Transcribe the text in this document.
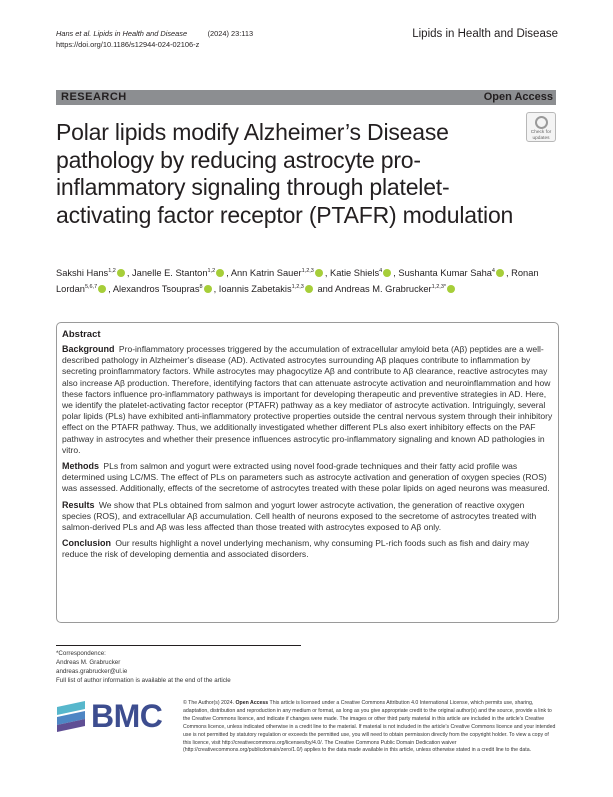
Hans et al. Lipids in Health and Disease          (2024) 23:113
https://doi.org/10.1186/s12944-024-02106-z
Lipids in Health and Disease
RESEARCH	Open Access
Polar lipids modify Alzheimer’s Disease pathology by reducing astrocyte pro-inflammatory signaling through platelet-activating factor receptor (PTAFR) modulation
Check for
updates
Sakshi Hans$^{1,2}$ , Janelle E. Stanton$^{1,2}$ , Ann Katrin Sauer$^{1,2,3}$ , Katie Shiels$^4$ , Sushanta Kumar Saha$^4$ , Ronan Lordan$^{5,6,7}$ , Alexandros Tsoupras$^8$ , Ioannis Zabetakis$^{1,2,3}$ and Andreas M. Grabrucker$^{1,2,3*}$
Abstract

Background Pro-inflammatory processes triggered by the accumulation of extracellular amyloid beta (Aβ) peptides are a well-described pathology in Alzheimer’s disease (AD). Activated astrocytes surrounding Aβ plaques contribute to inflammation by secreting proinflammatory factors. While astrocytes may phagocytize Aβ and contribute to Aβ clearance, reactive astrocytes may also increase Aβ production. Therefore, identifying factors that can attenuate astrocyte activation and neuroinflammation and how these factors influence pro-inflammatory pathways is important for developing therapeutic and preventive strategies in AD. Here, we identify the platelet-activating factor receptor (PTAFR) pathway as a key mediator of astrocyte activation. Intriguingly, several polar lipids (PLs) have exhibited anti-inflammatory protective properties outside the central nervous system through their inhibitory effect on the PTAFR pathway. Thus, we additionally investigated whether different PLs also exert inhibitory effects on the PAF pathway in astrocytes and whether their presence influences astrocytic pro-inflammatory signaling and known AD pathologies in vitro.

Methods PLs from salmon and yogurt were extracted using novel food-grade techniques and their fatty acid profile was determined using LC/MS. The effect of PLs on parameters such as astrocyte activation and generation of oxygen species (ROS) was assessed. Additionally, effects of the secretome of astrocytes treated with these polar lipids on aged neurons was measured.

Results We show that PLs obtained from salmon and yogurt lower astrocyte activation, the generation of reactive oxygen species (ROS), and extracellular Aβ accumulation. Cell health of neurons exposed to the secretome of astrocytes treated with salmon-derived PLs and Aβ was less affected than those treated with astrocytes exposed to Aβ only.

Conclusion Our results highlight a novel underlying mechanism, why consuming PL-rich foods such as fish and dairy may reduce the risk of developing dementia and associated disorders.

*Correspondence:
Andreas M. Grabrucker
andreas.grabrucker@ul.ie
Full list of author information is available at the end of the article
BMC	© The Author(s) 2024. Open Access This article is licensed under a Creative Commons Attribution 4.0 International License, which permits use, sharing, adaptation, distribution and reproduction in any medium or format, as long as you give appropriate credit to the original author(s) and the source, provide a link to the Creative Commons licence, and indicate if changes were made. The images or other third party material in this article are included in the article’s Creative Commons licence, unless indicated otherwise in a credit line to the material. If material is not included in the article’s Creative Commons licence and your intended use is not permitted by statutory regulation or exceeds the permitted use, you will need to obtain permission directly from the copyright holder. To view a copy of this licence, visit http://creativecommons.org/licenses/by/4.0/. The Creative Commons Public Domain Dedication waiver (http://creativecommons.org/publicdomain/zero/1.0/) applies to the data made available in this article, unless otherwise stated in a credit line to the data.
